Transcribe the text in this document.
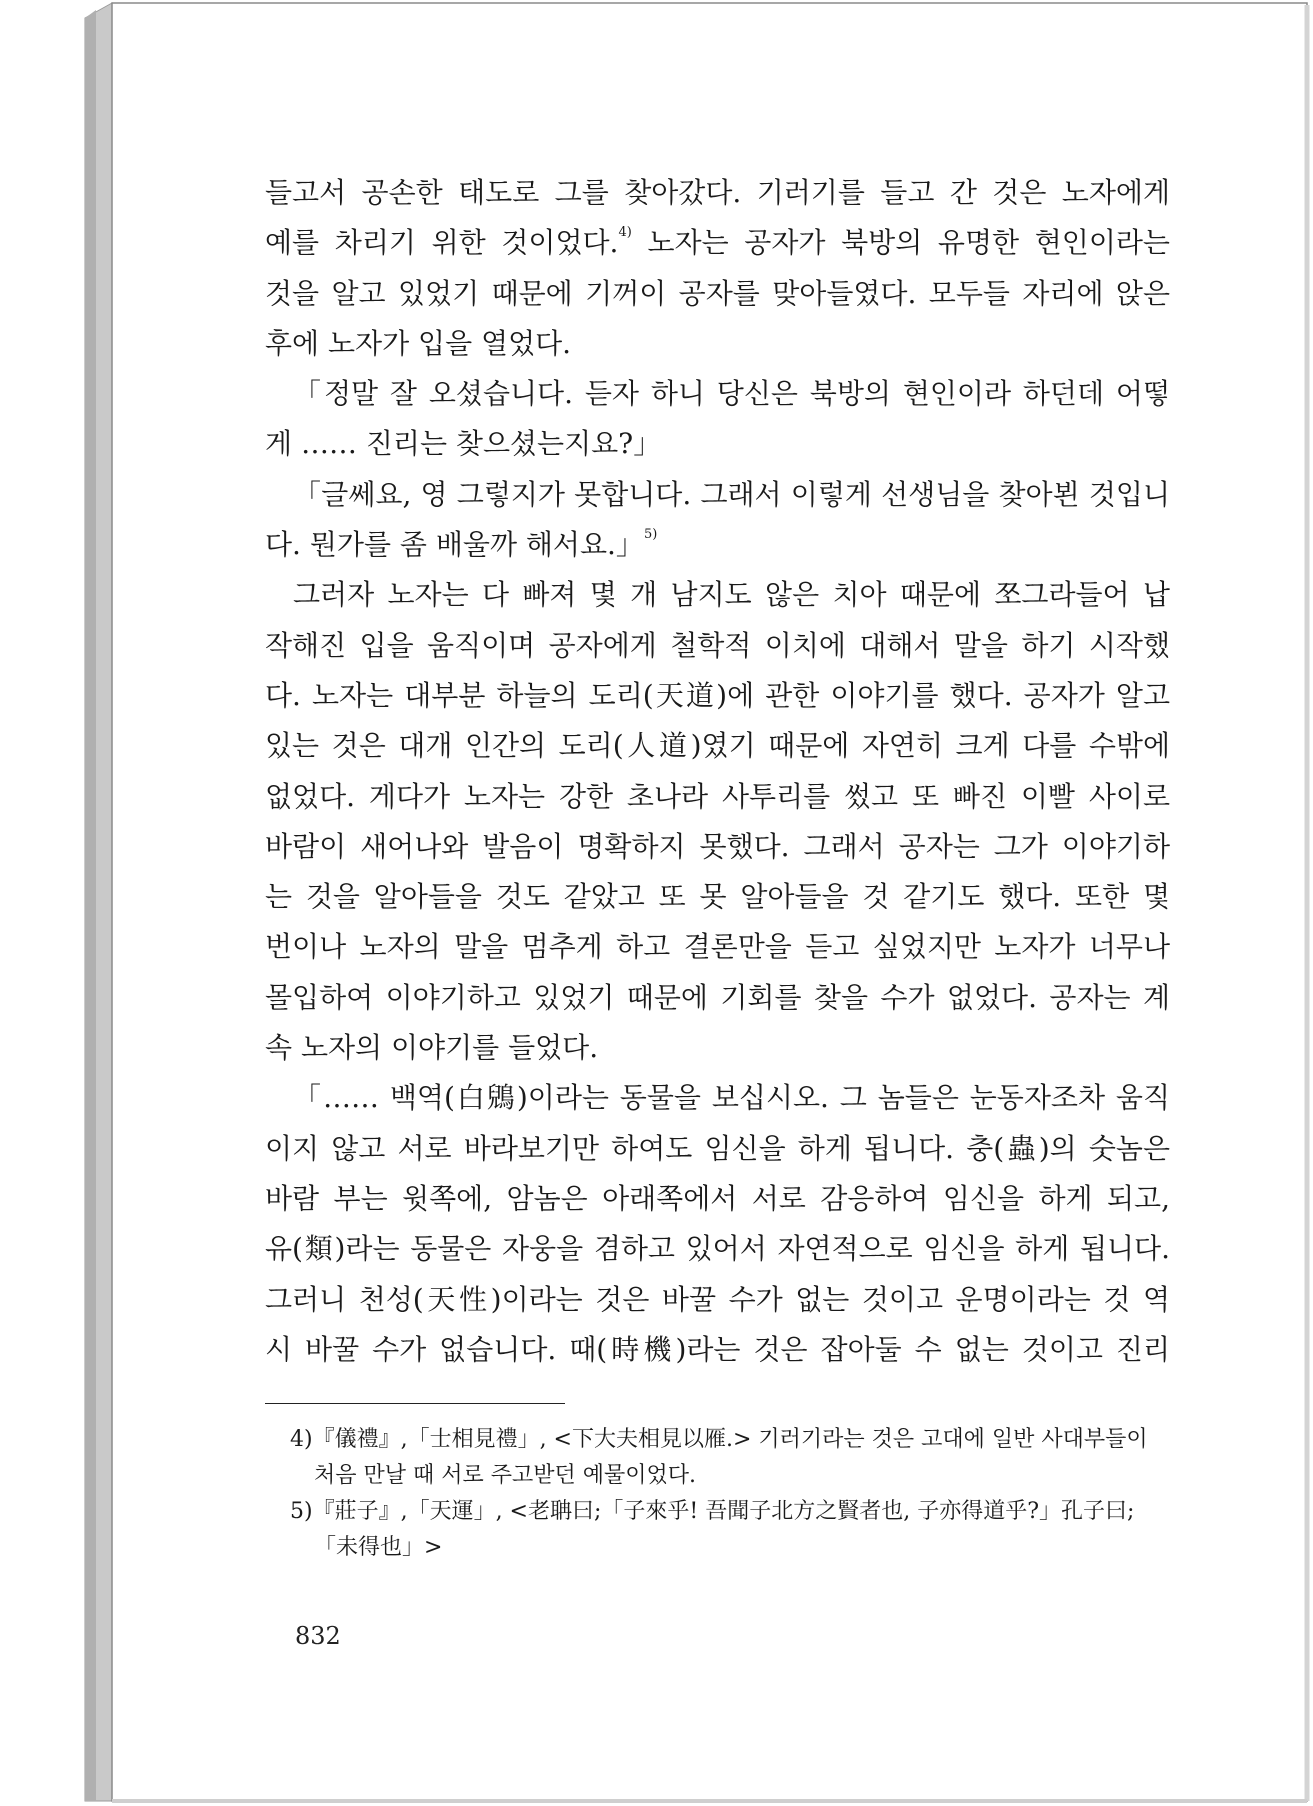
들고서 공손한 태도로 그를 찾아갔다. 기러기를 들고 간 것은 노자에게
예를 차리기 위한 것이었다.$^{4)}$ 노자는 공자가 북방의 유명한 현인이라는
것을 알고 있었기 때문에 기꺼이 공자를 맞아들였다. 모두들 자리에 앉은
후에 노자가 입을 열었다.
「정말 잘 오셨습니다. 듣자 하니 당신은 북방의 현인이라 하던데 어떻
게 …… 진리는 찾으셨는지요?」
「글쎄요, 영 그렇지가 못합니다. 그래서 이렇게 선생님을 찾아뵌 것입니
다. 뭔가를 좀 배울까 해서요.」$^{5)}$
그러자 노자는 다 빠져 몇 개 남지도 않은 치아 때문에 쪼그라들어 납
작해진 입을 움직이며 공자에게 철학적 이치에 대해서 말을 하기 시작했
다. 노자는 대부분 하늘의 도리(天道)에 관한 이야기를 했다. 공자가 알고
있는 것은 대개 인간의 도리(人道)였기 때문에 자연히 크게 다를 수밖에
없었다. 게다가 노자는 강한 초나라 사투리를 썼고 또 빠진 이빨 사이로
바람이 새어나와 발음이 명확하지 못했다. 그래서 공자는 그가 이야기하
는 것을 알아들을 것도 같았고 또 못 알아들을 것 같기도 했다. 또한 몇
번이나 노자의 말을 멈추게 하고 결론만을 듣고 싶었지만 노자가 너무나
몰입하여 이야기하고 있었기 때문에 기회를 찾을 수가 없었다. 공자는 계
속 노자의 이야기를 들었다.
「…… 백역(白鶂)이라는 동물을 보십시오. 그 놈들은 눈동자조차 움직
이지 않고 서로 바라보기만 하여도 임신을 하게 됩니다. 충(蟲)의 숫놈은
바람 부는 윗쪽에, 암놈은 아래쪽에서 서로 감응하여 임신을 하게 되고,
유(類)라는 동물은 자웅을 겸하고 있어서 자연적으로 임신을 하게 됩니다.
그러니 천성(天性)이라는 것은 바꿀 수가 없는 것이고 운명이라는 것 역
시 바꿀 수가 없습니다. 때(時機)라는 것은 잡아둘 수 없는 것이고 진리
4)『儀禮』,「士相見禮」, <下大夫相見以雁.> 기러기라는 것은 고대에 일반 사대부들이
처음 만날 때 서로 주고받던 예물이었다.
5)『莊子』,「天運」, <老聃曰;「子來乎! 吾聞子北方之賢者也, 子亦得道乎?」孔子曰;
「未得也」>
832
